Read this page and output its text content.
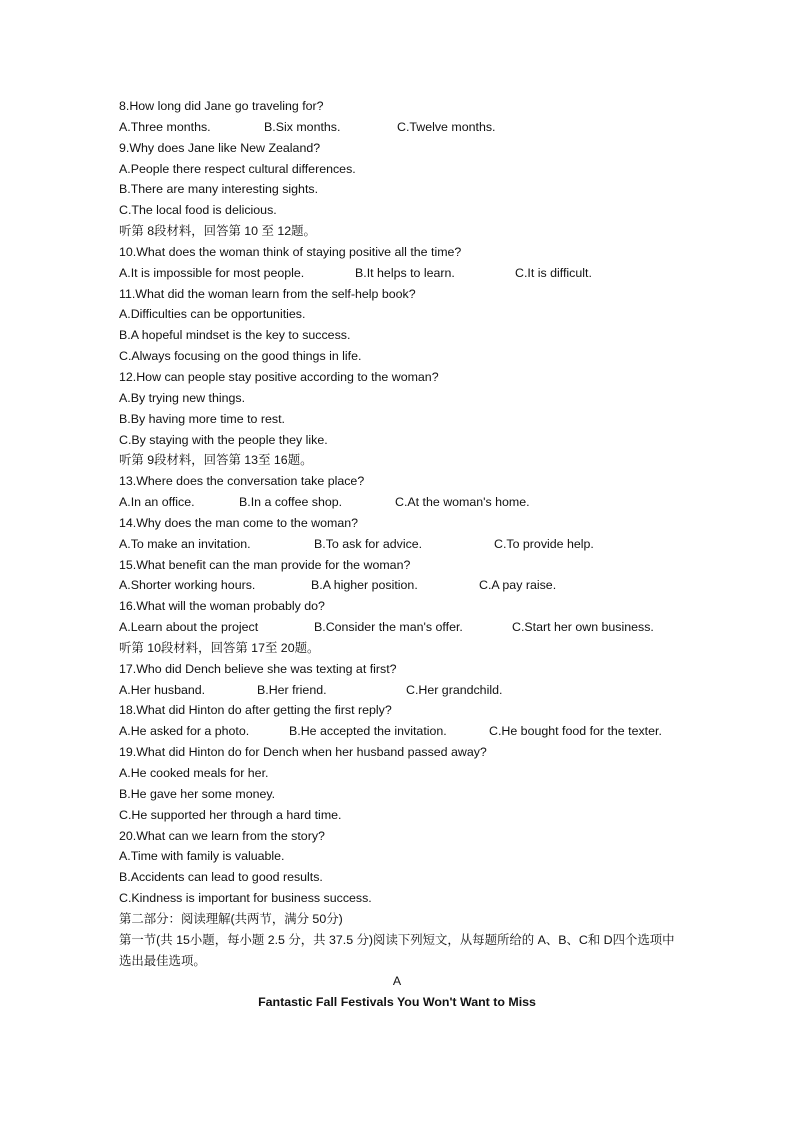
8.How long did Jane go traveling for?
A.Three months.	B.Six months.	C.Twelve months.
9.Why does Jane like New Zealand?
A.People there respect cultural differences.
B.There are many interesting sights.
C.The local food is delicious.
听第 8段材料，回答第 10 至 12题。
10.What does the woman think of staying positive all the time?
A.It is impossible for most people.	B.It helps to learn.	C.It is difficult.
11.What did the woman learn from the self-help book?
A.Difficulties can be opportunities.
B.A hopeful mindset is the key to success.
C.Always focusing on the good things in life.
12.How can people stay positive according to the woman?
A.By trying new things.
B.By having more time to rest.
C.By staying with the people they like.
听第 9段材料，回答第 13至 16题。
13.Where does the conversation take place?
A.In an office.	B.In a coffee shop.	C.At the woman's home.
14.Why does the man come to the woman?
A.To make an invitation.	B.To ask for advice.	C.To provide help.
15.What benefit can the man provide for the woman?
A.Shorter working hours.	B.A higher position.	C.A pay raise.
16.What will the woman probably do?
A.Learn about the project	B.Consider the man's offer.	C.Start her own business.
听第 10段材料，回答第 17至 20题。
17.Who did Dench believe she was texting at first?
A.Her husband.	B.Her friend.	C.Her grandchild.
18.What did Hinton do after getting the first reply?
A.He asked for a photo.	B.He accepted the invitation.	C.He bought food for the texter.
19.What did Hinton do for Dench when her husband passed away?
A.He cooked meals for her.
B.He gave her some money.
C.He supported her through a hard time.
20.What can we learn from the story?
A.Time with family is valuable.
B.Accidents can lead to good results.
C.Kindness is important for business success.
第二部分：阅读理解(共两节，满分 50分)
第一节(共 15小题，每小题 2.5 分，共 37.5 分)阅读下列短文，从每题所给的 A、B、C和 D四个选项中选出最佳选项。
A
Fantastic Fall Festivals You Won't Want to Miss
